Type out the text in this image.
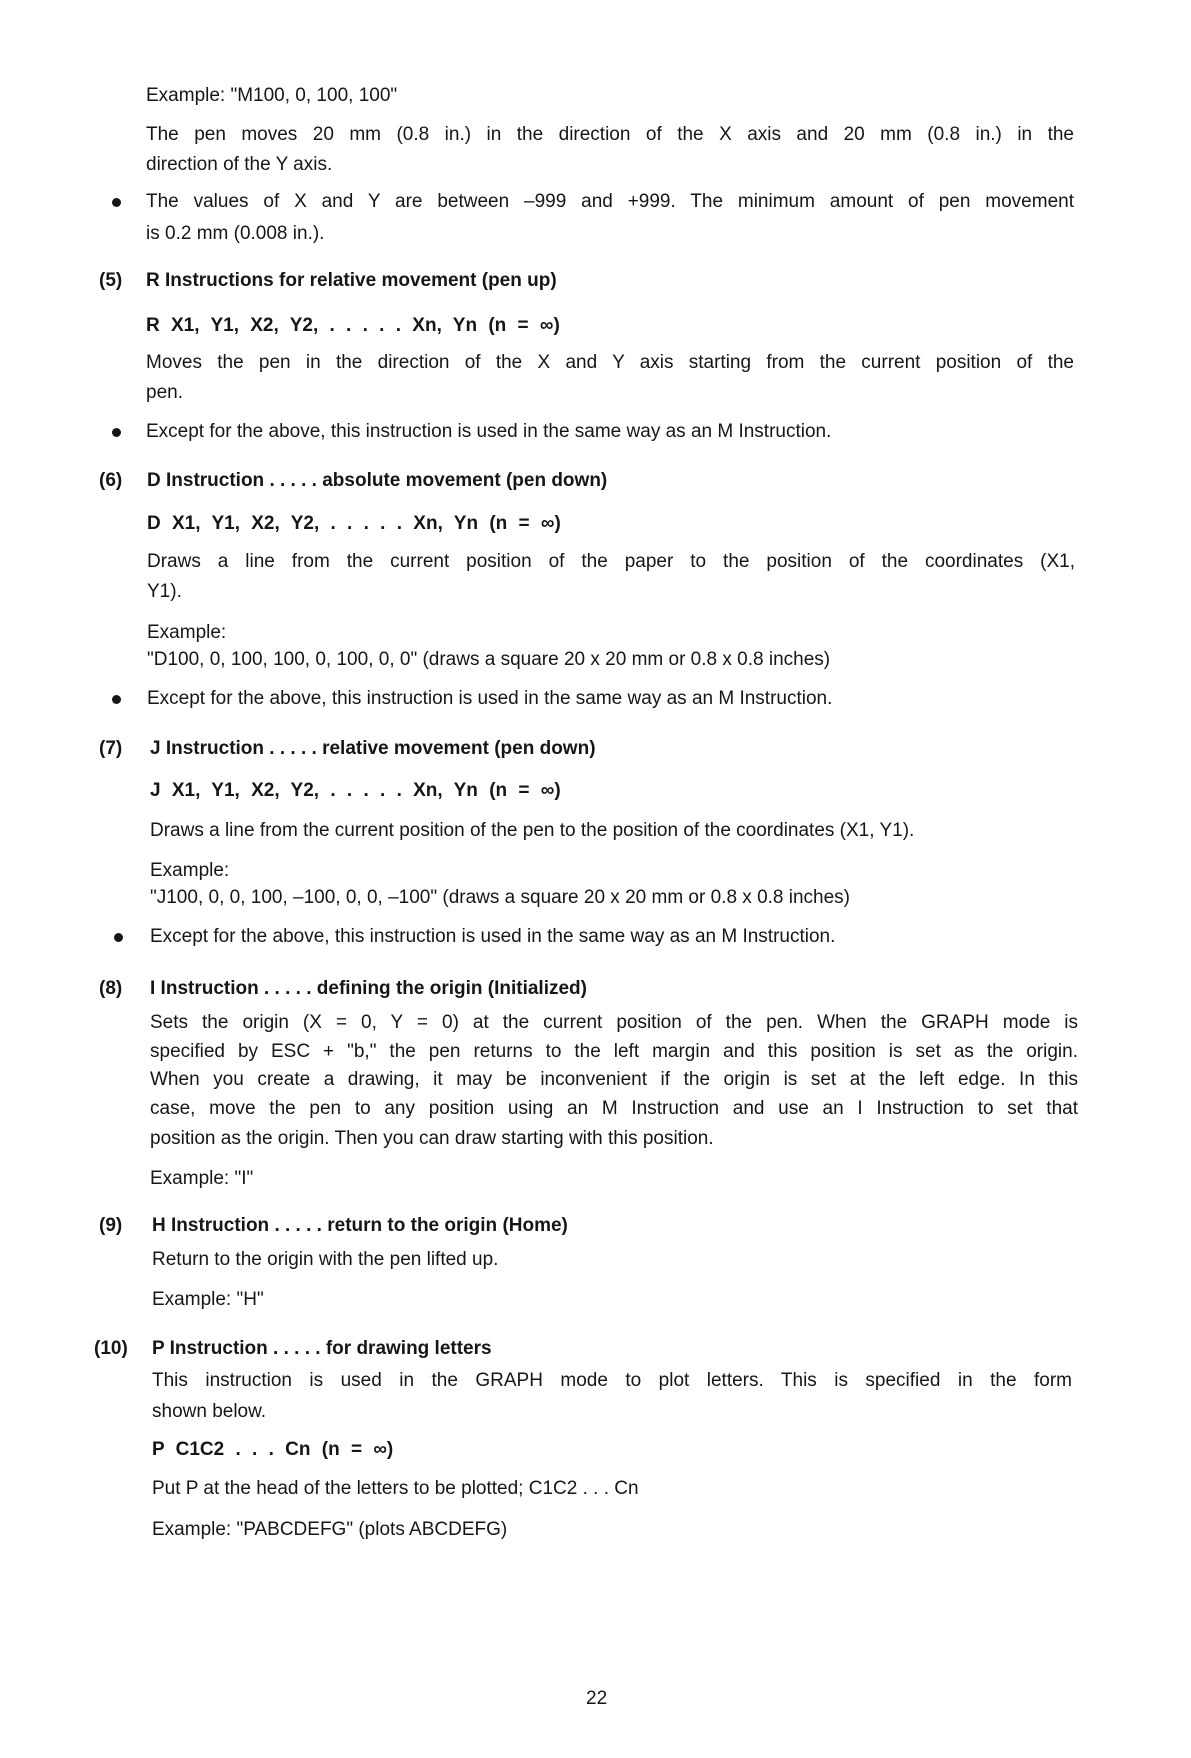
Example: "M100, 0, 100, 100"
The pen moves 20 mm (0.8 in.) in the direction of the X axis and 20 mm (0.8 in.) in the
direction of the Y axis.
The values of X and Y are between –999 and +999. The minimum amount of pen movement
is 0.2 mm (0.008 in.).
(5) R Instructions for relative movement (pen up)
R X1, Y1, X2, Y2, . . . . . Xn, Yn (n = ∞)
Moves the pen in the direction of the X and Y axis starting from the current position of the
pen.
Except for the above, this instruction is used in the same way as an M Instruction.
(6) D Instruction . . . . . absolute movement (pen down)
D X1, Y1, X2, Y2, . . . . . Xn, Yn (n = ∞)
Draws a line from the current position of the paper to the position of the coordinates (X1,
Y1).
Example:
"D100, 0, 100, 100, 0, 100, 0, 0" (draws a square 20 x 20 mm or 0.8 x 0.8 inches)
Except for the above, this instruction is used in the same way as an M Instruction.
(7) J Instruction . . . . . relative movement (pen down)
J X1, Y1, X2, Y2, . . . . . Xn, Yn (n = ∞)
Draws a line from the current position of the pen to the position of the coordinates (X1, Y1).
Example:
"J100, 0, 0, 100, –100, 0, 0, –100" (draws a square 20 x 20 mm or 0.8 x 0.8 inches)
Except for the above, this instruction is used in the same way as an M Instruction.
(8) I Instruction . . . . . defining the origin (Initialized)
Sets the origin (X = 0, Y = 0) at the current position of the pen. When the GRAPH mode is
specified by ESC + "b," the pen returns to the left margin and this position is set as the origin.
When you create a drawing, it may be inconvenient if the origin is set at the left edge. In this
case, move the pen to any position using an M Instruction and use an I Instruction to set that
position as the origin. Then you can draw starting with this position.
Example: "I"
(9) H Instruction . . . . . return to the origin (Home)
Return to the origin with the pen lifted up.
Example: "H"
(10) P Instruction . . . . . for drawing letters
This instruction is used in the GRAPH mode to plot letters. This is specified in the form
shown below.
P C1C2 . . . Cn (n = ∞)
Put P at the head of the letters to be plotted; C1C2 . . . Cn
Example: "PABCDEFG" (plots ABCDEFG)
22
